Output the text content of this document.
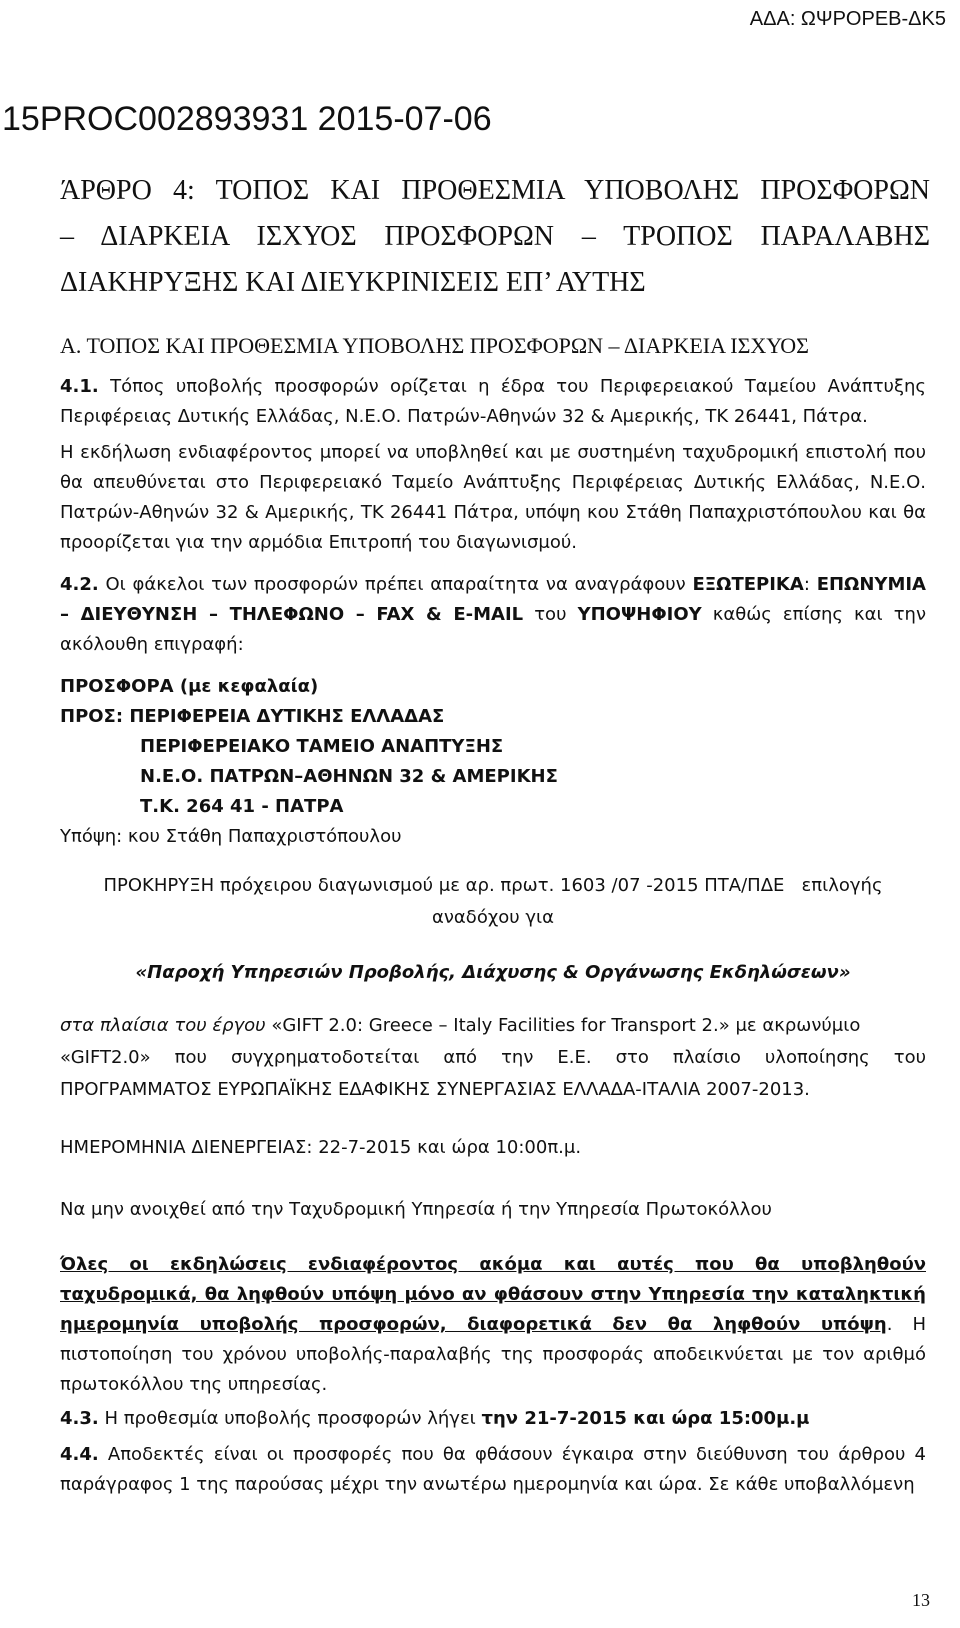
ΑΔΑ: ΩΨΡΟΡΕΒ-ΔΚ5
15PROC002893931 2015-07-06
ΆΡΘΡΟ 4: ΤΟΠΟΣ ΚΑΙ ΠΡΟΘΕΣΜΙΑ ΥΠΟΒΟΛΗΣ ΠΡΟΣΦΟΡΩΝ
– ΔΙΑΡΚΕΙΑ ΙΣΧΥΟΣ ΠΡΟΣΦΟΡΩΝ – ΤΡΟΠΟΣ ΠΑΡΑΛΑΒΗΣ
ΔΙΑΚΗΡΥΞΗΣ ΚΑΙ ΔΙΕΥΚΡΙΝΙΣΕΙΣ ΕΠ’ ΑΥΤΗΣ
Α. ΤΟΠΟΣ ΚΑΙ ΠΡΟΘΕΣΜΙΑ ΥΠΟΒΟΛΗΣ ΠΡΟΣΦΟΡΩΝ – ΔΙΑΡΚΕΙΑ ΙΣΧΥΟΣ

4.1. Τόπος υποβολής προσφορών ορίζεται η έδρα του Περιφερειακού Ταμείου Ανάπτυξης Περιφέρειας Δυτικής Ελλάδας, Ν.Ε.Ο. Πατρών-Αθηνών 32 & Αμερικής, ΤΚ 26441, Πάτρα.

Η εκδήλωση ενδιαφέροντος μπορεί να υποβληθεί και με συστημένη ταχυδρομική επιστολή που θα απευθύνεται στο Περιφερειακό Ταμείο Ανάπτυξης Περιφέρειας Δυτικής Ελλάδας, Ν.Ε.Ο. Πατρών-Αθηνών 32 & Αμερικής, ΤΚ 26441 Πάτρα, υπόψη κου Στάθη Παπαχριστόπουλου και θα προορίζεται για την αρμόδια Επιτροπή του διαγωνισμού.

4.2. Οι φάκελοι των προσφορών πρέπει απαραίτητα να αναγράφουν ΕΞΩΤΕΡΙΚΑ: ΕΠΩΝΥΜΙΑ – ΔΙΕΥΘΥΝΣΗ – ΤΗΛΕΦΩΝΟ – FAX & E-MAIL του ΥΠΟΨΗΦΙΟΥ καθώς επίσης και την ακόλουθη επιγραφή:

ΠΡΟΣΦΟΡΑ (με κεφαλαία)
ΠΡΟΣ: ΠΕΡΙΦΕΡΕΙΑ ΔΥΤΙΚΗΣ ΕΛΛΑΔΑΣ
ΠΕΡΙΦΕΡΕΙΑΚΟ ΤΑΜΕΙΟ ΑΝΑΠΤΥΞΗΣ
Ν.Ε.Ο. ΠΑΤΡΩΝ–ΑΘΗΝΩΝ 32 & ΑΜΕΡΙΚΗΣ
Τ.Κ. 264 41 - ΠΑΤΡΑ
Υπόψη: κου Στάθη Παπαχριστόπουλου
ΠΡΟΚΗΡΥΞΗ πρόχειρου διαγωνισμού με αρ. πρωτ. 1603 /07 -2015 ΠΤΑ/ΠΔΕ   επιλογής
αναδόχου για
«Παροχή Υπηρεσιών Προβολής, Διάχυσης & Οργάνωσης Εκδηλώσεων»
στα πλαίσια του έργου «GIFT 2.0: Greece – Italy Facilities for Transport 2.» με ακρωνύμιο
«GIFT2.0» που συγχρηματοδοτείται από την Ε.Ε. στο πλαίσιο υλοποίησης του
ΠΡΟΓΡΑΜΜΑΤΟΣ ΕΥΡΩΠΑΪΚΗΣ ΕΔΑΦΙΚΗΣ ΣΥΝΕΡΓΑΣΙΑΣ ΕΛΛΑΔΑ-ΙΤΑΛΙΑ 2007-2013.
ΗΜΕΡΟΜΗΝΙΑ ΔΙΕΝΕΡΓΕΙΑΣ: 22-7-2015 και ώρα 10:00π.μ.
Να μην ανοιχθεί από την Ταχυδρομική Υπηρεσία ή την Υπηρεσία Πρωτοκόλλου

Όλες οι εκδηλώσεις ενδιαφέροντος ακόμα και αυτές που θα υποβληθούν ταχυδρομικά, θα ληφθούν υπόψη μόνο αν φθάσουν στην Υπηρεσία την καταληκτική ημερομηνία υποβολής προσφορών, διαφορετικά δεν θα ληφθούν υπόψη. Η πιστοποίηση του χρόνου υποβολής-παραλαβής της προσφοράς αποδεικνύεται με τον αριθμό πρωτοκόλλου της υπηρεσίας.

4.3. Η προθεσμία υποβολής προσφορών λήγει την 21-7-2015 και ώρα 15:00μ.μ

4.4. Αποδεκτές είναι οι προσφορές που θα φθάσουν έγκαιρα στην διεύθυνση του άρθρου 4 παράγραφος 1 της παρούσας μέχρι την ανωτέρω ημερομηνία και ώρα. Σε κάθε υποβαλλόμενη

13
